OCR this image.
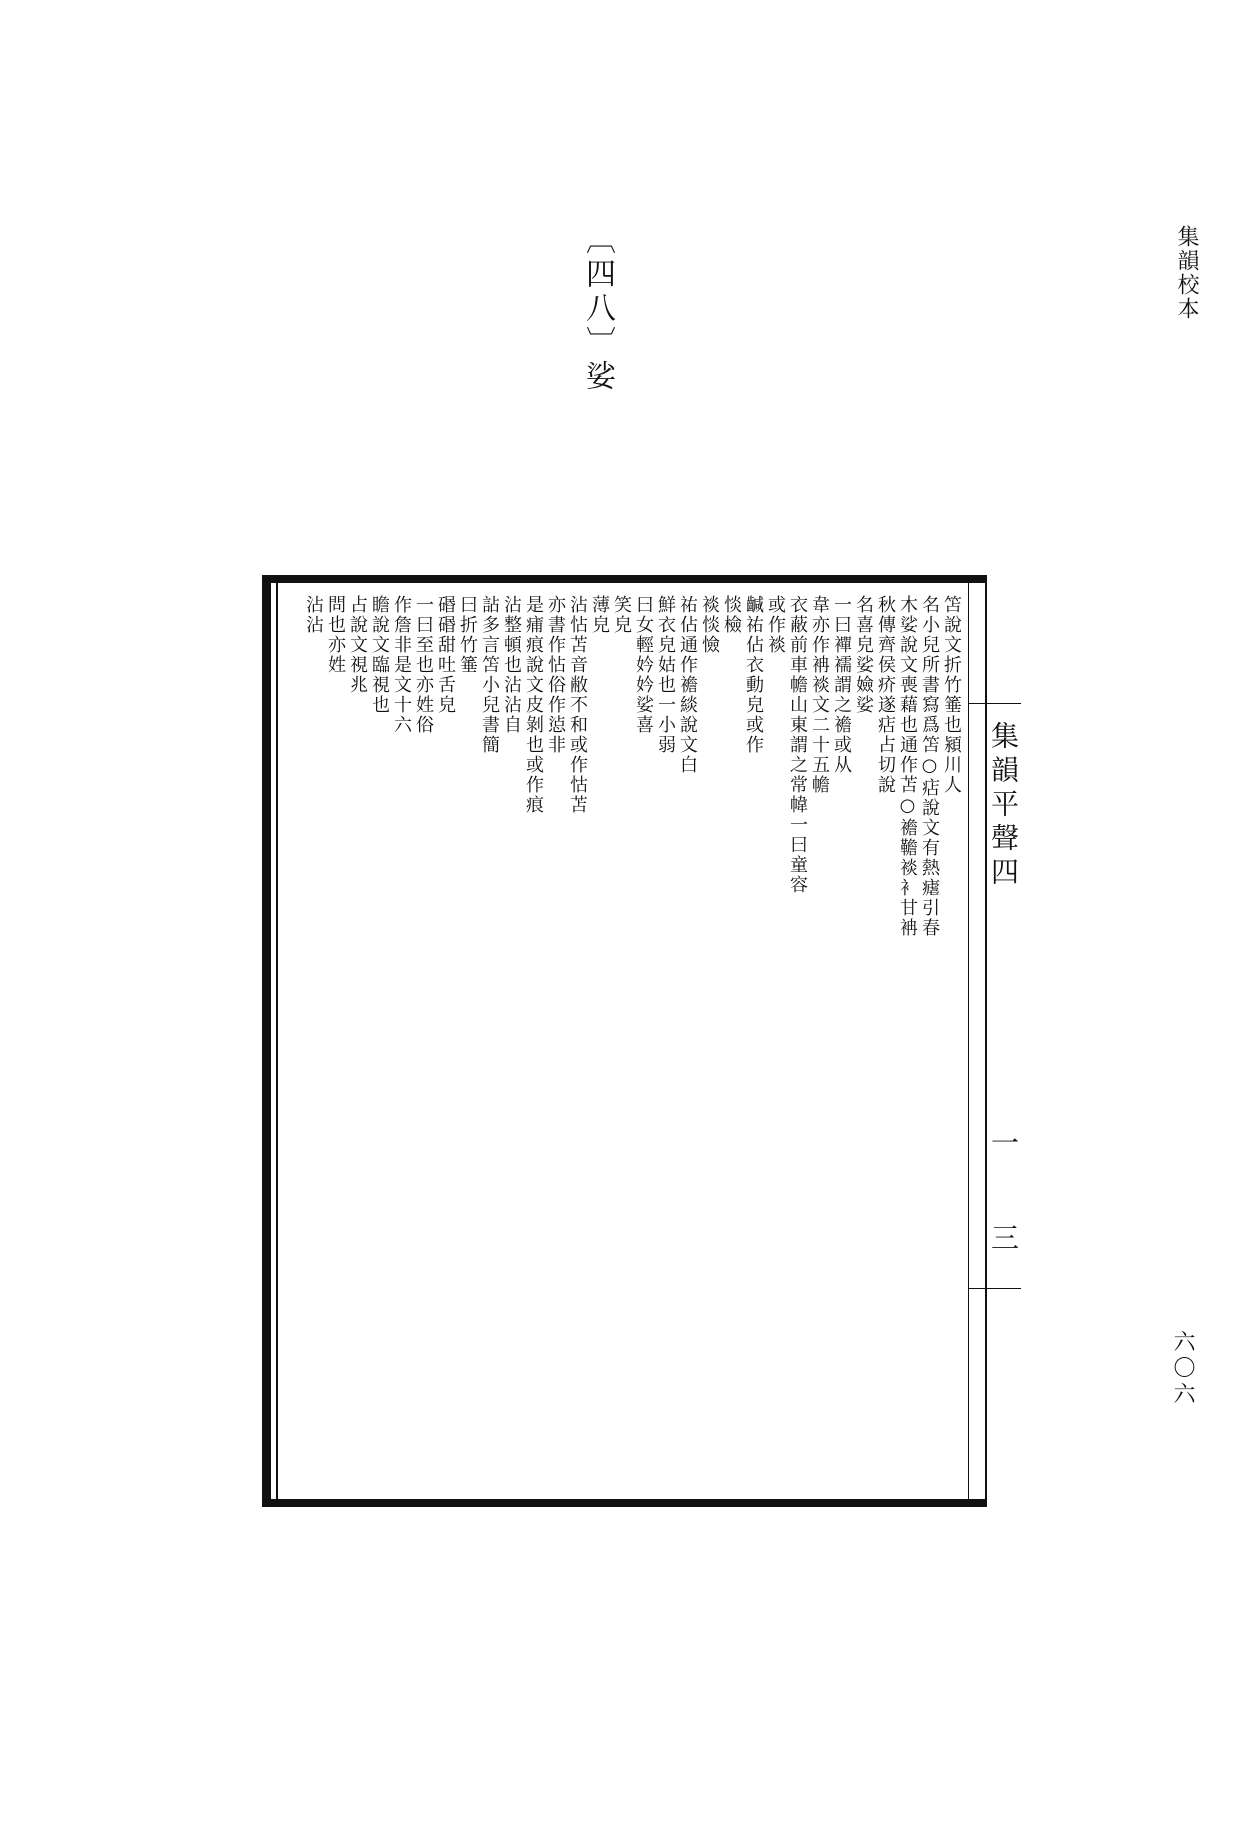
集韻校本
六〇六
〔四八〕娑
集韻平聲四
一
三
笘說文折竹箠也潁川人
名小兒所書寫爲笘○痁說文有熱瘧引春
木娑說文喪藉也通作苫○襜韂裧衤甘袡
秋傳齊侯疥遂痁占切說
名喜皃娑嬐娑
一曰襌襦謂之襜或从
韋亦作袡裧文二十五幨
衣蔽前車幨山東謂之常幃一曰童容
或作裧
䶢祐佔衣動皃或作
惔檢
裧惔憸
祐佔通作襜緂說文白
鮮衣皃姑也一小弱
曰女輕妗妗娑喜
笑皃
薄皃
沾怗苫音敝不和或作怙苫
亦書作怗俗作惉非
是痡痕說文皮剝也或作痕
沾整頓也沾沾自
詀多言笘小兒書簡
曰折竹箠
䃉䃉甜吐舌皃
一曰至也亦姓俗
作詹非是文十六
瞻說文臨視也
占說文視兆
問也亦姓
沾沾
